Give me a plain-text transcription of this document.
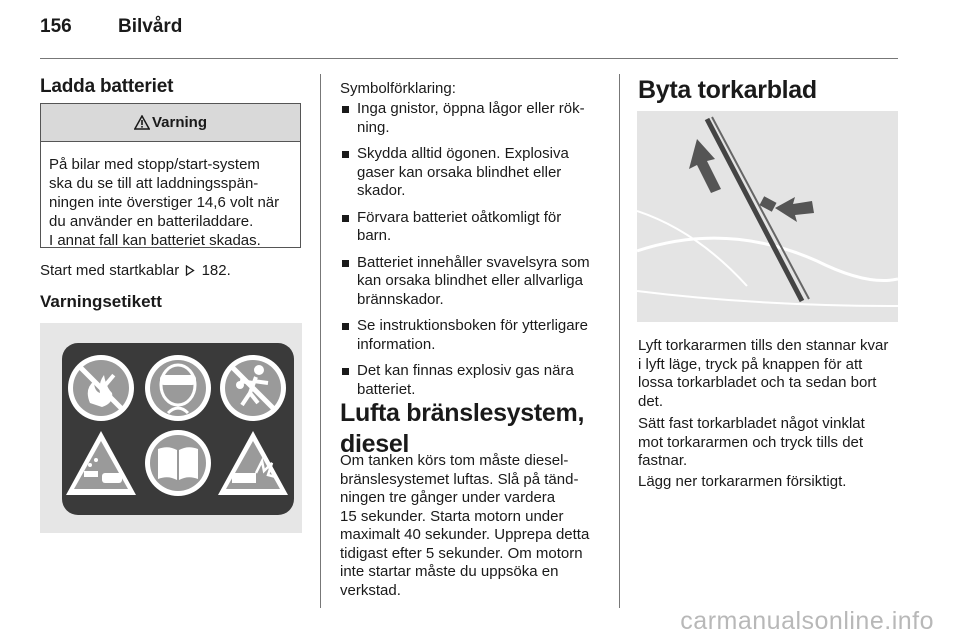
156 Bilvård
Ladda batteriet
Varning
På bilar med stopp/start-system
ska du se till att laddningsspän-
ningen inte överstiger 14,6 volt när
du använder en batteriladdare.
I annat fall kan batteriet skadas.

Start med startkablar 182.

Varningsetikett

Symbolförklaring:

Inga gnistor, öppna lågor eller rök-
ning.
Skydda alltid ögonen. Explosiva
gaser kan orsaka blindhet eller
skador.
Förvara batteriet oåtkomligt för
barn.
Batteriet innehåller svavelsyra som
kan orsaka blindhet eller allvarliga
brännskador.
Se instruktionsboken för ytterligare
information.
Det kan finnas explosiv gas nära
batteriet.
Lufta bränslesystem,
diesel

Om tanken körs tom måste diesel-

bränslesystemet luftas. Slå på tänd-

ningen tre gånger under vardera

15 sekunder. Starta motorn under

maximalt 40 sekunder. Upprepa detta

tidigast efter 5 sekunder. Om motorn

inte startar måste du uppsöka en

verkstad.

Byta torkarblad

Lyft torkararmen tills den stannar kvar

i lyft läge, tryck på knappen för att

lossa torkarbladet och ta sedan bort

det.

Sätt fast torkarbladet något vinklat

mot torkararmen och tryck tills det

fastnar.

Lägg ner torkararmen försiktigt.

carmanualsonline.info
